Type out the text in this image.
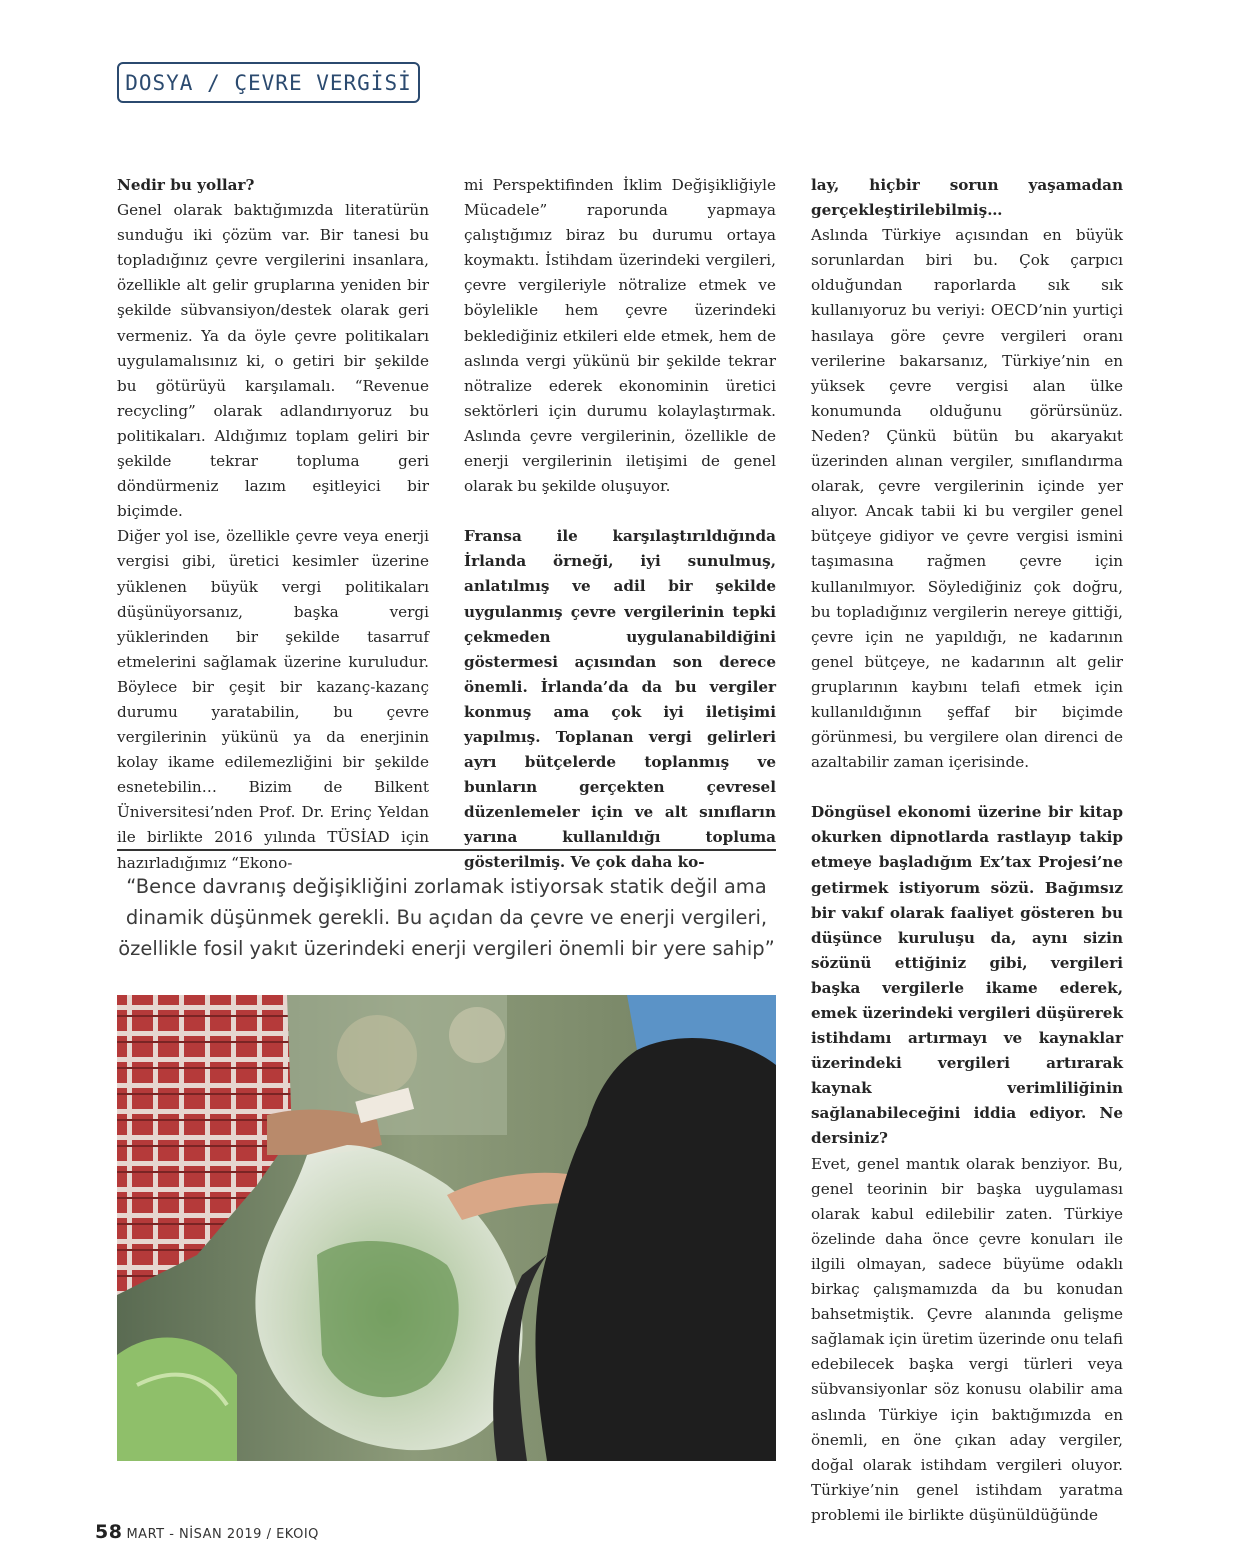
DOSYA / ÇEVRE VERGİSİ

Nedir bu yollar?

Genel olarak baktığımızda literatürün sunduğu iki çözüm var. Bir tanesi bu topladığınız çevre vergilerini insanlara, özellikle alt gelir gruplarına yeniden bir şekilde sübvansiyon/destek olarak geri vermeniz. Ya da öyle çevre politikaları uygulamalısınız ki, o getiri bir şekilde bu götürüyü karşılamalı. “Revenue recycling” olarak adlandırıyoruz bu politikaları. Aldığımız toplam geliri bir şekilde tekrar topluma geri döndürmeniz lazım eşitleyici bir biçimde.

Diğer yol ise, özellikle çevre veya enerji vergisi gibi, üretici kesimler üzerine yüklenen büyük vergi politikaları düşünüyorsanız, başka vergi yüklerinden bir şekilde tasarruf etmelerini sağlamak üzerine kuruludur. Böylece bir çeşit bir kazanç-kazanç durumu yaratabilin, bu çevre vergilerinin yükünü ya da enerjinin kolay ikame edilemezliğini bir şekilde esnetebilin… Bizim de Bilkent Üniversitesi’nden Prof. Dr. Erinç Yeldan ile birlikte 2016 yılında TÜSİAD için hazırladığımız “Ekono-

mi Perspektifinden İklim Değişikliğiyle Mücadele” raporunda yapmaya çalıştığımız biraz bu durumu ortaya koymaktı. İstihdam üzerindeki vergileri, çevre vergileriyle nötralize etmek ve böylelikle hem çevre üzerindeki beklediğiniz etkileri elde etmek, hem de aslında vergi yükünü bir şekilde tekrar nötralize ederek ekonominin üretici sektörleri için durumu kolaylaştırmak. Aslında çevre vergilerinin, özellikle de enerji vergilerinin iletişimi de genel olarak bu şekilde oluşuyor.

Fransa ile karşılaştırıldığında İrlanda örneği, iyi sunulmuş, anlatılmış ve adil bir şekilde uygulanmış çevre vergilerinin tepki çekmeden uygulanabildiğini göstermesi açısından son derece önemli. İrlanda’da da bu vergiler konmuş ama çok iyi iletişimi yapılmış. Toplanan vergi gelirleri ayrı bütçelerde toplanmış ve bunların gerçekten çevresel düzenlemeler için ve alt sınıfların yarına kullanıldığı topluma gösterilmiş. Ve çok daha ko-

lay, hiçbir sorun yaşamadan gerçekleştirilebilmiş…

Aslında Türkiye açısından en büyük sorunlardan biri bu. Çok çarpıcı olduğundan raporlarda sık sık kullanıyoruz bu veriyi: OECD’nin yurtiçi hasılaya göre çevre vergileri oranı verilerine bakarsanız, Türkiye’nin en yüksek çevre vergisi alan ülke konumunda olduğunu görürsünüz. Neden? Çünkü bütün bu akaryakıt üzerinden alınan vergiler, sınıflandırma olarak, çevre vergilerinin içinde yer alıyor. Ancak tabii ki bu vergiler genel bütçeye gidiyor ve çevre vergisi ismini taşımasına rağmen çevre için kullanılmıyor. Söylediğiniz çok doğru, bu topladığınız vergilerin nereye gittiği, çevre için ne yapıldığı, ne kadarının genel bütçeye, ne kadarının alt gelir gruplarının kaybını telafi etmek için kullanıldığının şeffaf bir biçimde görünmesi, bu vergilere olan direnci de azaltabilir zaman içerisinde.

Döngüsel ekonomi üzerine bir kitap okurken dipnotlarda rastlayıp takip etmeye başladığım Ex’tax Projesi’ne getirmek istiyorum sözü. Bağımsız bir vakıf olarak faaliyet gösteren bu düşünce kuruluşu da, aynı sizin sözünü ettiğiniz gibi, vergileri başka vergilerle ikame ederek, emek üzerindeki vergileri düşürerek istihdamı artırmayı ve kaynaklar üzerindeki vergileri artırarak kaynak verimliliğinin sağlanabileceğini iddia ediyor. Ne dersiniz?

Evet, genel mantık olarak benziyor. Bu, genel teorinin bir başka uygulaması olarak kabul edilebilir zaten. Türkiye özelinde daha önce çevre konuları ile ilgili olmayan, sadece büyüme odaklı birkaç çalışmamızda da bu konudan bahsetmiştik. Çevre alanında gelişme sağlamak için üretim üzerinde onu telafi edebilecek başka vergi türleri veya sübvansiyonlar söz konusu olabilir ama aslında Türkiye için baktığımızda en önemli, en öne çıkan aday vergiler, doğal olarak istihdam vergileri oluyor. Türkiye’nin genel istihdam yaratma problemi ile birlikte düşünüldüğünde

“Bence davranış değişikliğini zorlamak istiyorsak statik değil ama

dinamik düşünmek gerekli. Bu açıdan da çevre ve enerji vergileri,

özellikle fosil yakıt üzerindeki enerji vergileri önemli bir yere sahip”

58 MART - NİSAN 2019 / EKOIQ
